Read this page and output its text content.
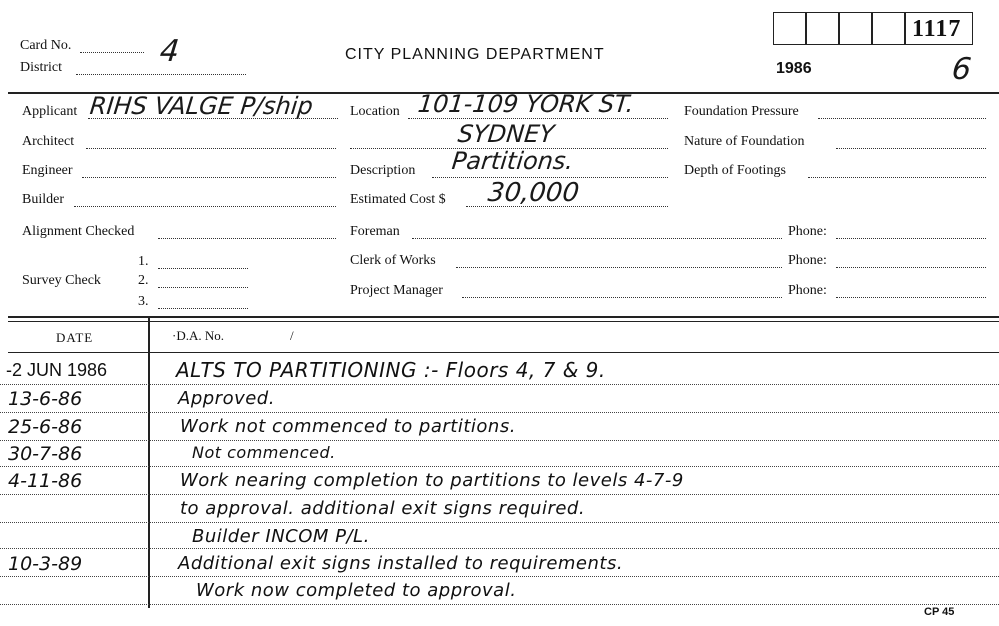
Card No.	4
District
CITY PLANNING DEPARTMENT
1986
1117
6
Applicant RIHS VALGE P/ship
Architect
Engineer
Builder
Alignment Checked
Survey Check
1.
2.
3.
Location 101-109 YORK ST.
SYDNEY
Description Partitions.
Estimated Cost $ 30,000
Foreman
Clerk of Works
Project Manager
Foundation Pressure
Nature of Foundation
Depth of Footings
Phone:
Phone:
Phone:
DATE	·D.A. No.	/
-2 JUN 1986	ALTS TO PARTITIONING :- Floors 4, 7 & 9.
13-6-86	Approved.
25-6-86	Work not commenced to partitions.
30-7-86	Not commenced.
4-11-86	Work nearing completion to partitions to levels 4-7-9
to approval. additional exit signs required.
Builder INCOM P/L.
10-3-89	Additional exit signs installed to requirements.
Work now completed to approval.
CP 45
